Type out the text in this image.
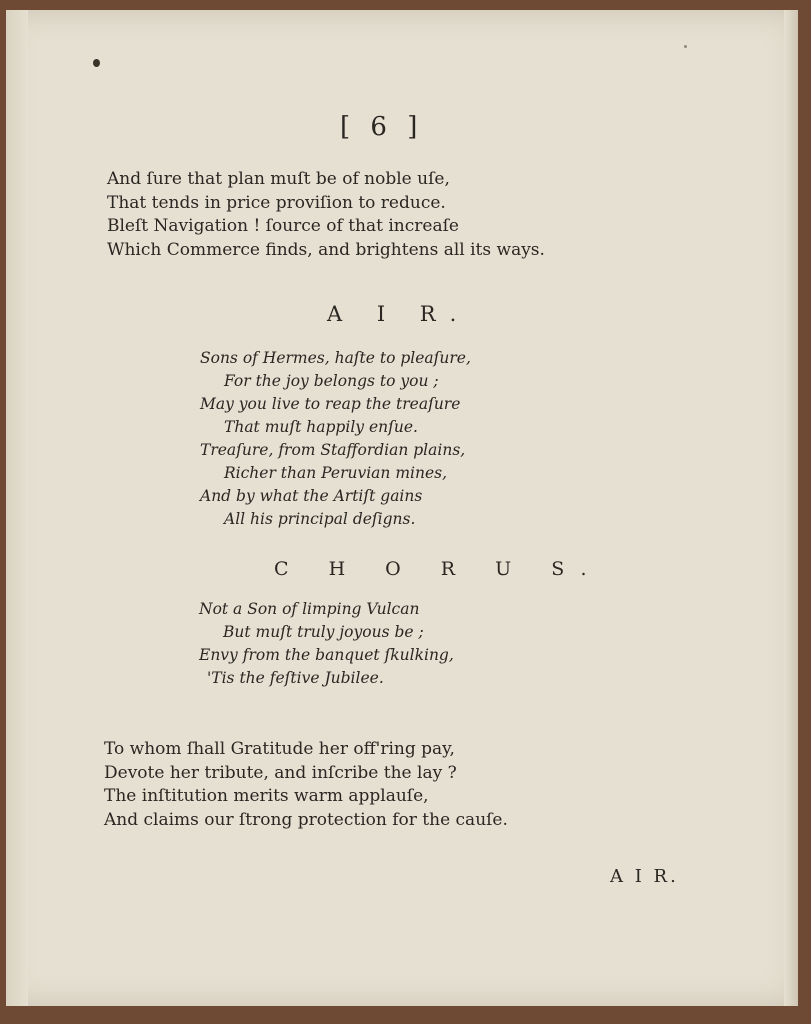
[ 6 ]
And ſure that plan muſt be of noble uſe,
That tends in price proviſion to reduce.
Bleſt Navigation ! ſource of that increaſe
Which Commerce finds, and brightens all its ways.
A I R.
Sons of Hermes, haſte to pleaſure,
For the joy belongs to you ;
May you live to reap the treaſure
That muſt happily enſue.
Treaſure, from Staffordian plains,
Richer than Peruvian mines,
And by what the Artiſt gains
All his principal deſigns.
C H O R U S.
Not a Son of limping Vulcan
But muſt truly joyous be ;
Envy from the banquet ſkulking,
'Tis the feſtive Jubilee.
To whom ſhall Gratitude her off'ring pay,
Devote her tribute, and inſcribe the lay ?
The inſtitution merits warm applauſe,
And claims our ſtrong protection for the cauſe.
A I R.
